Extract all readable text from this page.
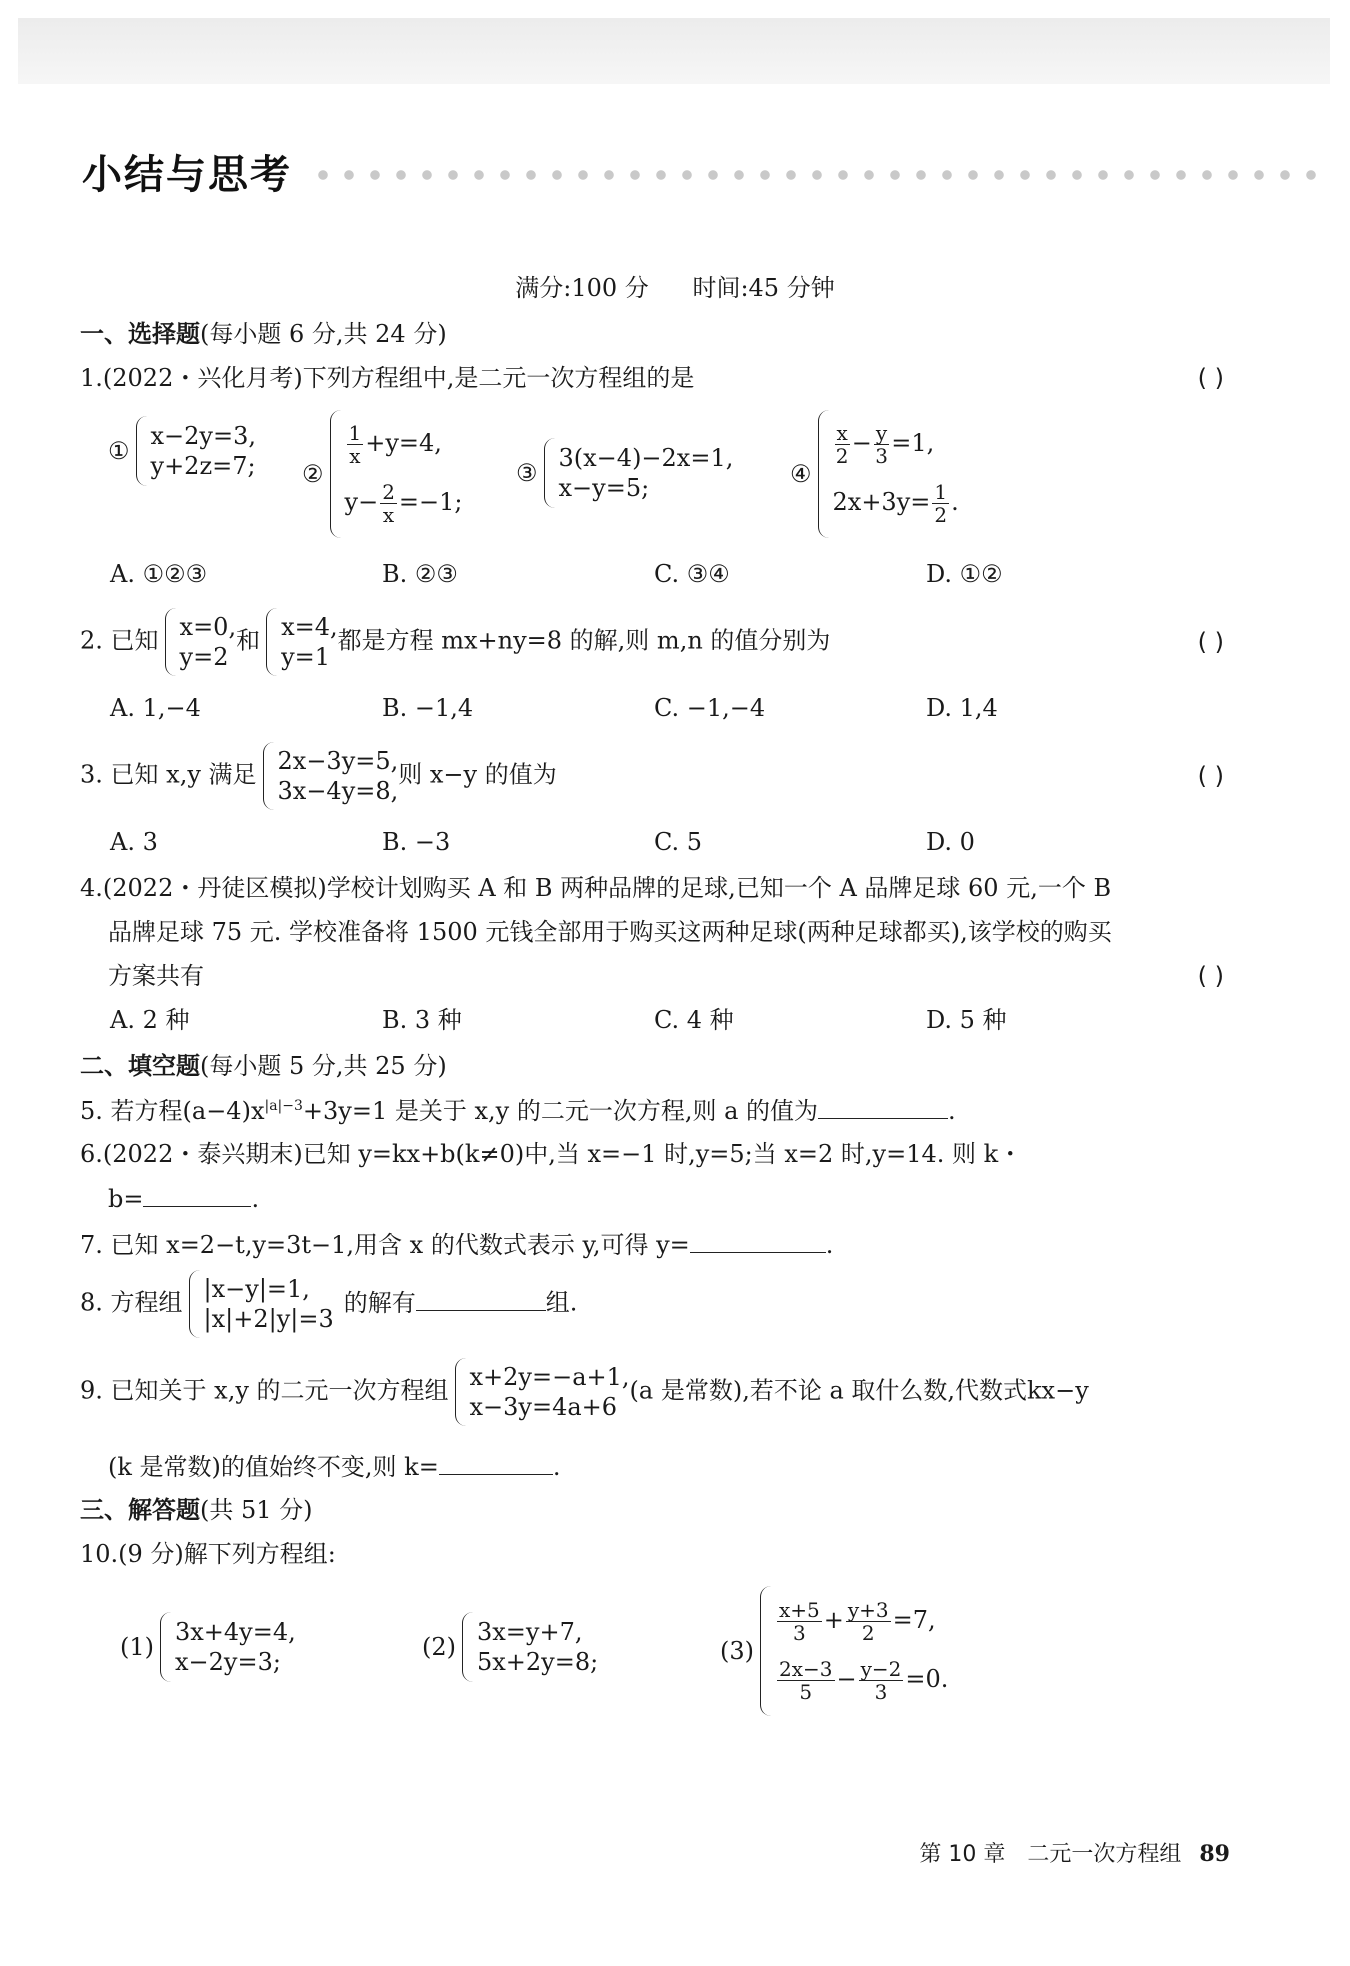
小结与思考
满分:100 分 时间:45 分钟
一、选择题(每小题 6 分,共 24 分)
1.(2022・兴化月考)下列方程组中,是二元一次方程组的是	( )
①
x−2y=3,
y+2z=7; ②
$\frac{1}{x} +y=4$,
$y- \frac{2}{x} =-1$;
③
3(x−4)−2x=1,
x−y=5;
④
$\frac{x}{2} - \frac{y}{3} =1$,
$2x+3y= \frac{1}{2}$ .
A. ①②③	B. ②③	C. ③④	D. ①②
2. 已知 x=0,
y=2
和 x=4,
y=1
都是方程 mx+ny=8 的解,则 m,n 的值分别为	( )
A. 1,−4	B. −1,4	C. −1,−4	D. 1,4
3. 已知 x,y 满足 2x−3y=5,
3x−4y=8,
则 x−y 的值为	( )
A. 3	B. −3	C. 5	D. 0
4.(2022・丹徒区模拟)学校计划购买 A 和 B 两种品牌的足球,已知一个 A 品牌足球 60 元,一个 B
品牌足球 75 元. 学校准备将 1500 元钱全部用于购买这两种足球(两种足球都买),该学校的购买
方案共有	( )
A. 2 种	B. 3 种	C. 4 种	D. 5 种
二、填空题(每小题 5 分,共 25 分)
5. 若方程$(a-4)x^{|a|-3}+3y=1$ 是关于 x,y 的二元一次方程,则 a 的值为	.
6.(2022・泰兴期末)已知 y=kx+b(k≠0)中,当 x=−1 时,y=5;当 x=2 时,y=14. 则 k・
b=	.
7. 已知 x=2−t,y=3t−1,用含 x 的代数式表示 y,可得 y=	.
8. 方程组 |x−y|=1,
|x|+2|y|=3
的解有	组.
9. 已知关于 x,y 的二元一次方程组 x+2y=−a+1,
x−3y=4a+6
(a 是常数),若不论 a 取什么数,代数式kx−y
(k 是常数)的值始终不变,则 k=	.
三、解答题(共 51 分)
10.(9 分)解下列方程组:
(1)
3x+4y=4,
x−2y=3;
(2)
3x=y+7,
5x+2y=8;	(3)
$\frac{x+5}{3} + \frac{y+3}{2} =7$,
$\frac{2x-3}{5} - \frac{y-2}{3} =0$.
第 10 章　二元一次方程组 89
